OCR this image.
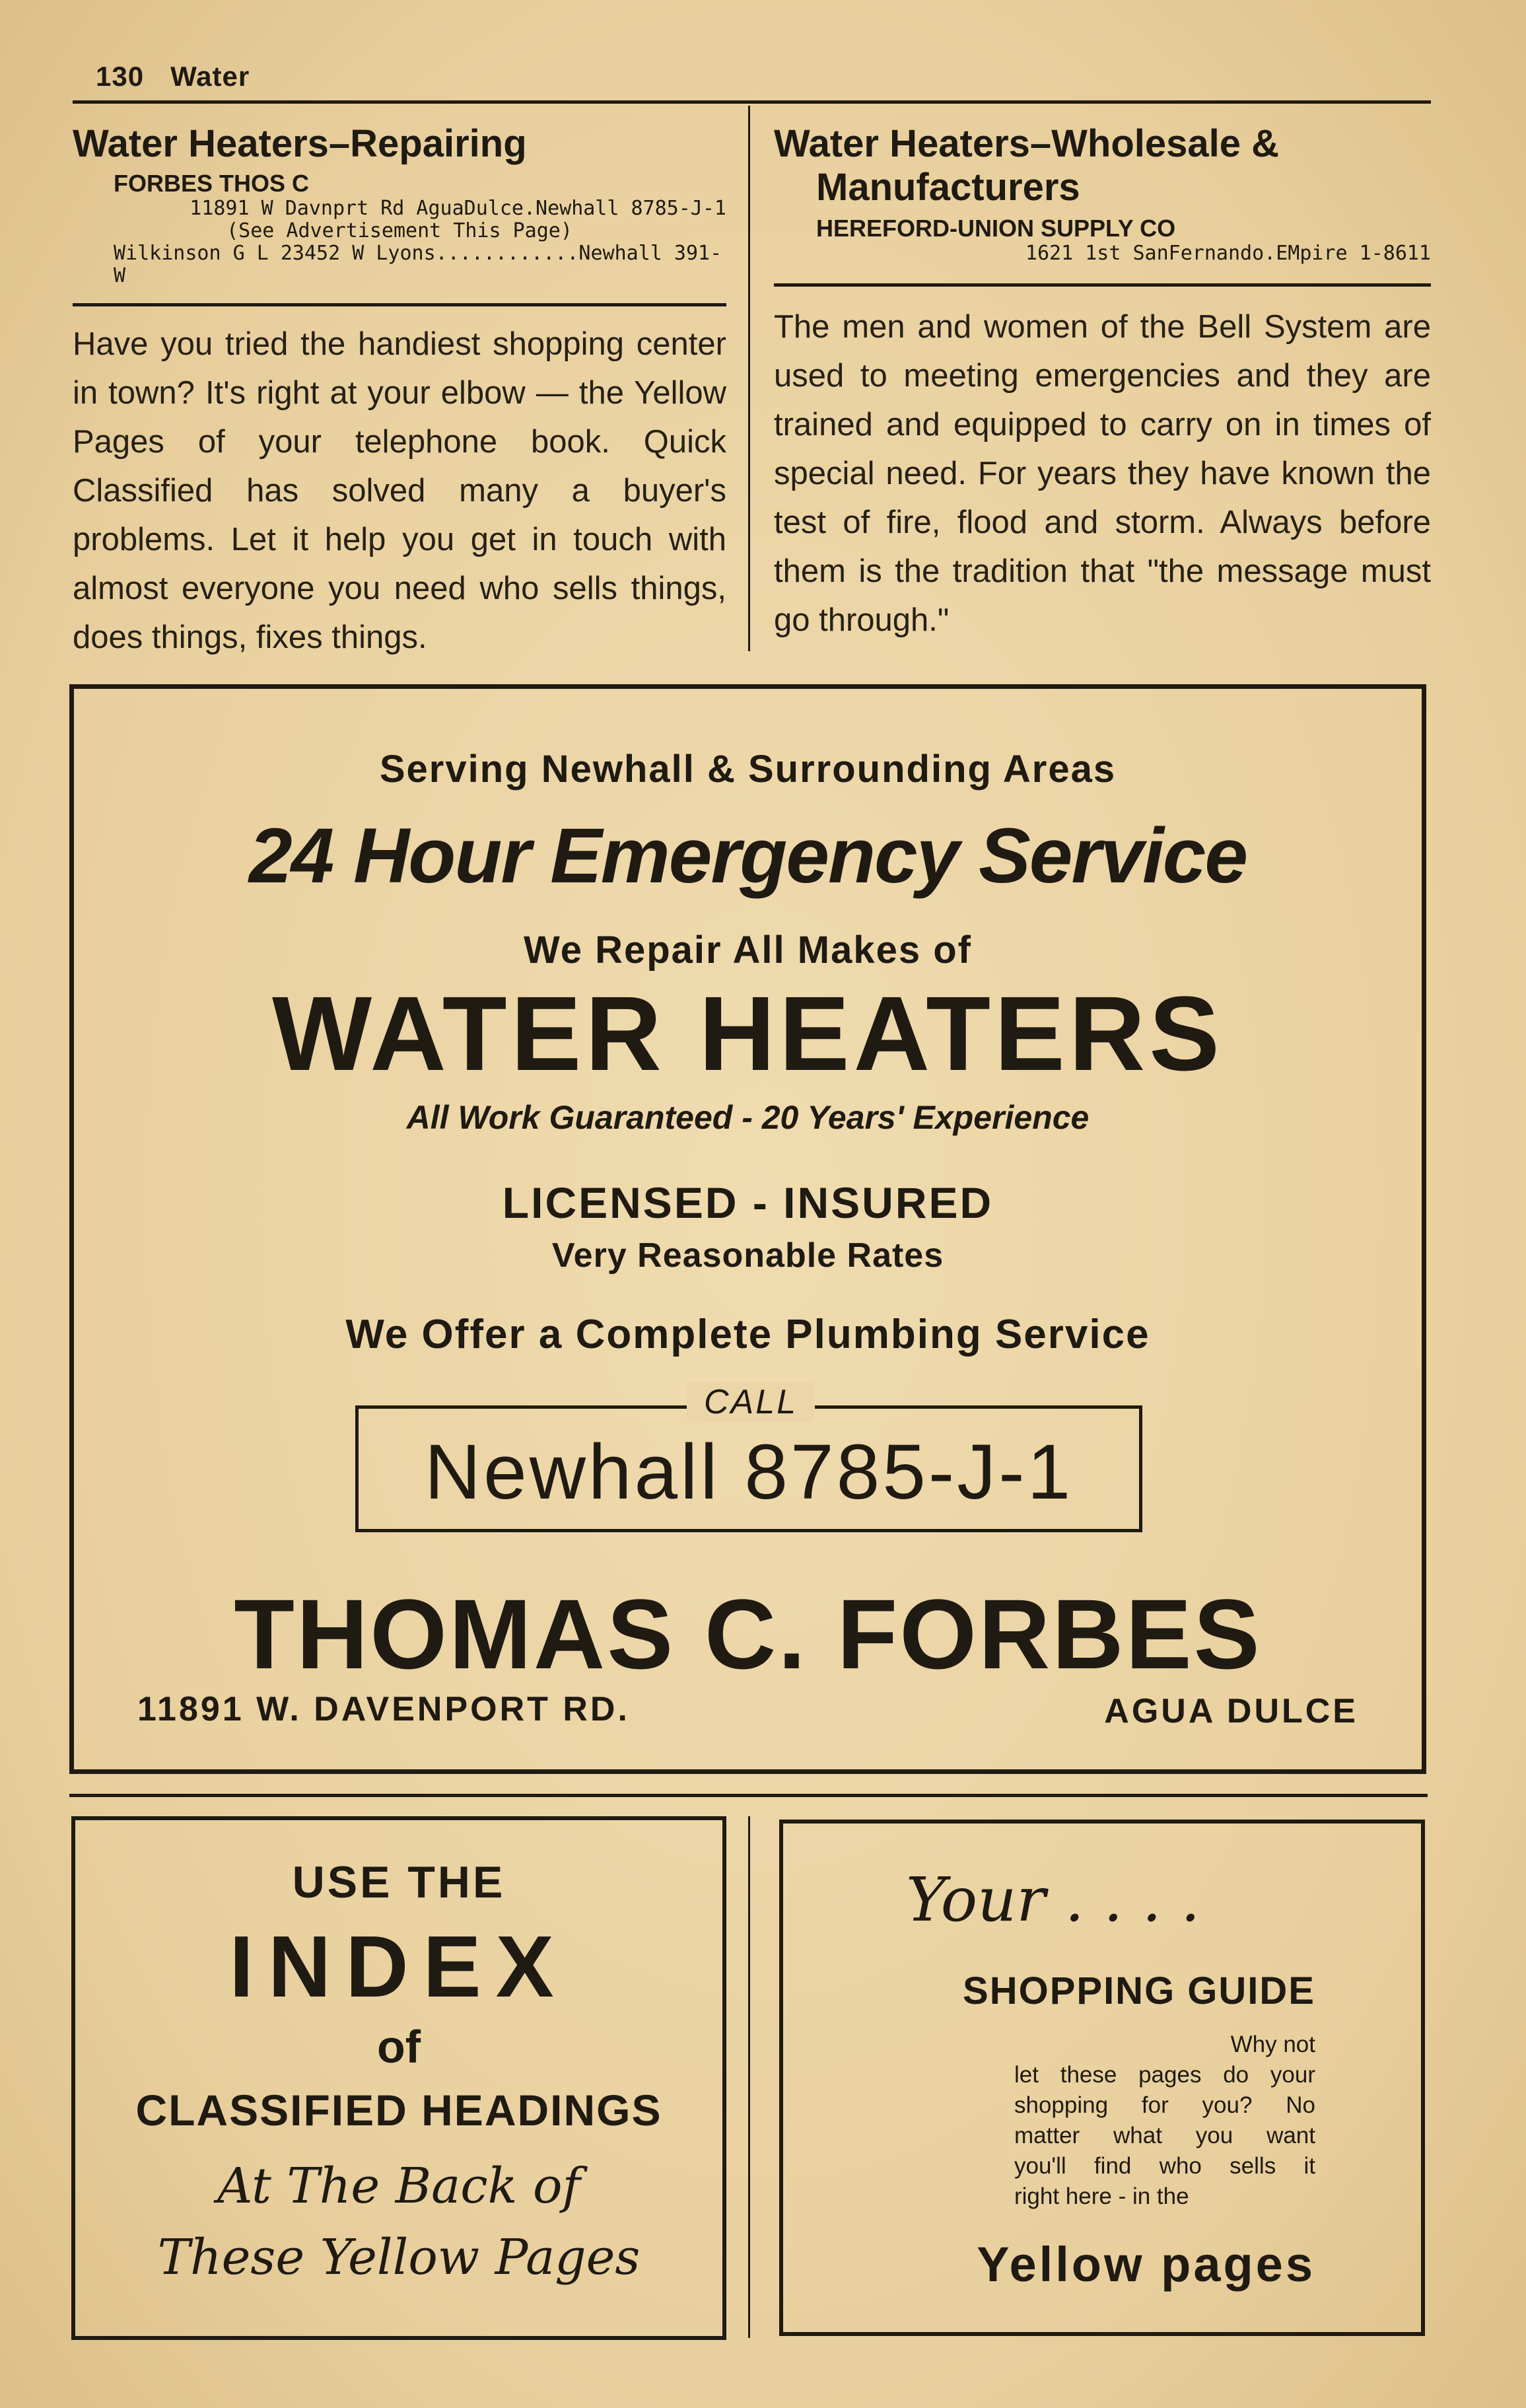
130 Water
Water Heaters–Repairing
FORBES THOS C
11891 W Davnprt Rd AguaDulce.Newhall 8785-J-1
(See Advertisement This Page)
Wilkinson G L 23452 W Lyons............Newhall 391-W
Have you tried the handiest shopping center in town? It's right at your elbow — the Yellow Pages of your telephone book. Quick Classified has solved many a buyer's problems. Let it help you get in touch with almost everyone you need who sells things, does things, fixes things.
Water Heaters–Wholesale &
Manufacturers
HEREFORD-UNION SUPPLY CO
1621 1st SanFernando.EMpire 1-8611
The men and women of the Bell System are used to meeting emergencies and they are trained and equipped to carry on in times of special need. For years they have known the test of fire, flood and storm. Always before them is the tradition that "the message must go through."
Serving Newhall & Surrounding Areas
24 Hour Emergency Service
We Repair All Makes of
WATER HEATERS
All Work Guaranteed - 20 Years' Experience
LICENSED - INSURED
Very Reasonable Rates
We Offer a Complete Plumbing Service
THOMAS C. FORBES
11891 W. DAVENPORT RD.	AGUA DULCE
Newhall 8785-J-1
CALL
USE THE
INDEX
of
CLASSIFIED HEADINGS
At The Back of
These Yellow Pages
Your . . . .
SHOPPING GUIDE
Why not
let these pages do your
shopping for you? No
matter what you want
you'll find who sells it
right here - in the
Yellow pages
